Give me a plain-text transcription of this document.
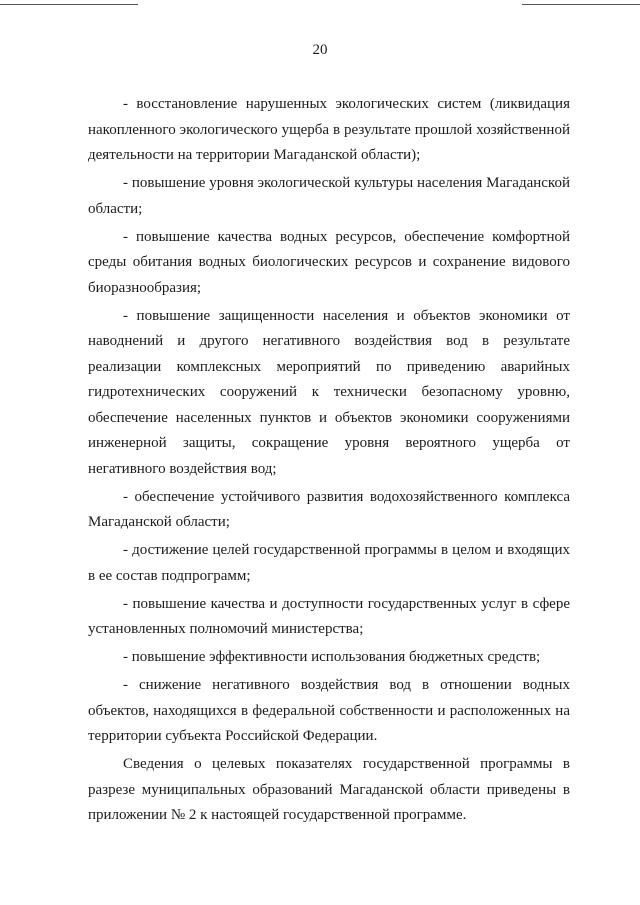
20

- восстановление нарушенных экологических систем (ликвидация накопленного экологического ущерба в результате прошлой хозяйственной деятельности на территории Магаданской области);

- повышение уровня экологической культуры населения Магаданской области;

- повышение качества водных ресурсов, обеспечение комфортной среды обитания водных биологических ресурсов и сохранение видового биоразнообразия;

- повышение защищенности населения и объектов экономики от наводнений и другого негативного воздействия вод в результате реализации комплексных мероприятий по приведению аварийных гидротехнических сооружений к технически безопасному уровню, обеспечение населенных пунктов и объектов экономики сооружениями инженерной защиты, сокращение уровня вероятного ущерба от негативного воздействия вод;

- обеспечение устойчивого развития водохозяйственного комплекса Магаданской области;

- достижение целей государственной программы в целом и входящих в ее состав подпрограмм;

- повышение качества и доступности государственных услуг в сфере установленных полномочий министерства;

- повышение эффективности использования бюджетных средств;

- снижение негативного воздействия вод в отношении водных объектов, находящихся в федеральной собственности и расположенных на территории субъекта Российской Федерации.

Сведения о целевых показателях государственной программы в разрезе муниципальных образований Магаданской области приведены в приложении № 2 к настоящей государственной программе.
